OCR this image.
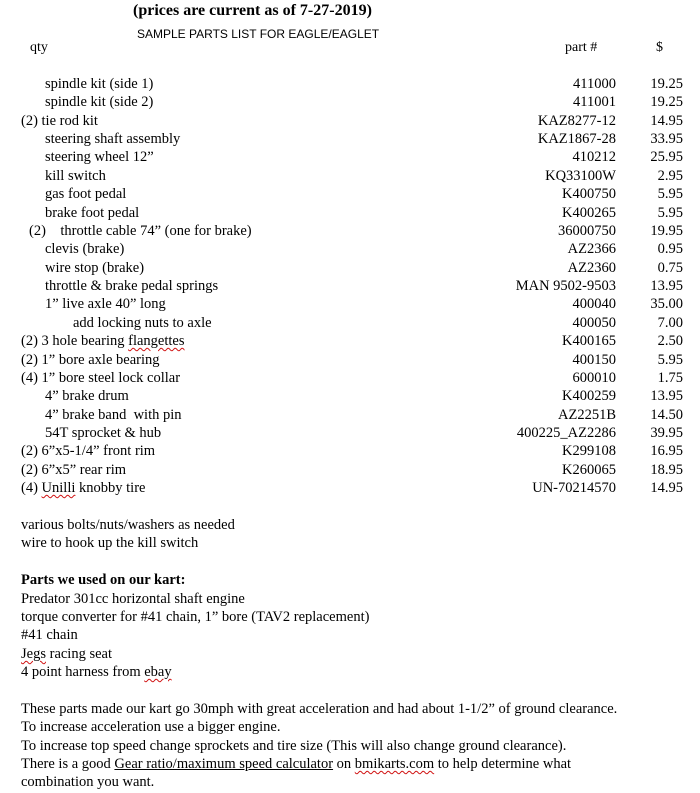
(prices are current as of 7-27-2019)
SAMPLE PARTS LIST FOR EAGLE/EAGLET
qty	part #	$
spindle kit (side 1)	411000 19.25
spindle kit (side 2)	411001 19.25
(2) tie rod kit	KAZ8277-12 14.95
steering shaft assembly	KAZ1867-28 33.95
steering wheel 12”	410212 25.95
kill switch	KQ33100W	2.95
gas foot pedal	K400750	5.95
brake foot pedal	K400265	5.95
(2)    throttle cable 74” (one for brake)	36000750 19.95
clevis (brake)	AZ2366	0.95
wire stop (brake)	AZ2360	0.75
throttle & brake pedal springs	MAN 9502-9503 13.95
1” live axle 40” long	400040 35.00
add locking nuts to axle	400050	7.00
(2) 3 hole bearing flangettes	K400165	2.50
(2) 1” bore axle bearing	400150	5.95
(4) 1” bore steel lock collar	600010	1.75
4” brake drum	K400259 13.95
4” brake band  with pin	AZ2251B 14.50
54T sprocket & hub	400225_AZ2286 39.95
(2) 6”x5-1/4” front rim	K299108 16.95
(2) 6”x5” rear rim	K260065 18.95
(4) Unilli knobby tire	UN-70214570 14.95
various bolts/nuts/washers as needed
wire to hook up the kill switch
Parts we used on our kart:
Predator 301cc horizontal shaft engine
torque converter for #41 chain, 1” bore (TAV2 replacement)
#41 chain
Jegs racing seat
4 point harness from ebay
These parts made our kart go 30mph with great acceleration and had about 1-1/2” of ground clearance.
To increase acceleration use a bigger engine.
To increase top speed change sprockets and tire size (This will also change ground clearance).
There is a good Gear ratio/maximum speed calculator on bmikarts.com to help determine what
combination you want.
